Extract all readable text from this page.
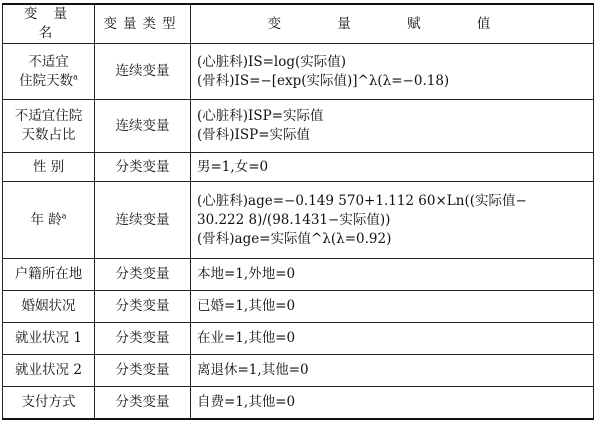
变 量 名	变量类型	变 量 赋 值

不适宜
住院天数$^a$	连续变量	(心脏科)IS=log(实际值)
(骨科)IS=−[exp(实际值)]^λ(λ=−0.18)

不适宜住院
天数占比	连续变量	(心脏科)ISP=实际值
(骨科)ISP=实际值

性 别	分类变量	男=1,女=0
年 龄$^a$	连续变量	(心脏科)age=−0.149 570+1.112 60×Ln((实际值−
30.222 8)/(98.1431−实际值))
(骨科)age=实际值^λ(λ=0.92)

户籍所在地	分类变量	本地=1,外地=0
婚姻状况	分类变量	已婚=1,其他=0
就业状况 1	分类变量	在业=1,其他=0
就业状况 2	分类变量	离退休=1,其他=0
支付方式	分类变量	自费=1,其他=0
